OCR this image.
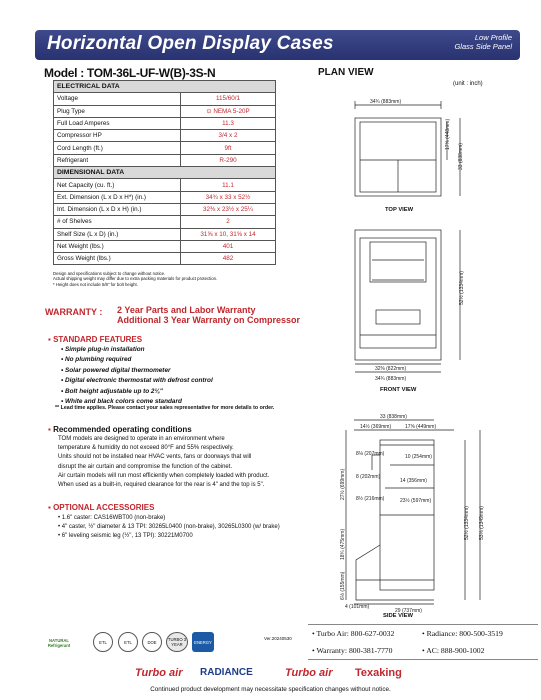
Horizontal Open Display Cases	Low Profile
Glass Side Panel
Model : TOM-36L-UF-W(B)-3S-N	PLAN VIEW
(unit : inch)
ELECTRICAL DATA	
Voltage	115/60/1
Plug Type	⊙ NEMA 5-20P
Full Load Amperes	11.3
Compressor HP	3/4 x 2
Cord Length (ft.)	9ft
Refrigerant	R-290
DIMENSIONAL DATA	
Net Capacity (cu. ft.)	11.1
Ext. Dimension (L x D x H*) (in.)	34¾ x 33 x 52½
Int. Dimension (L x D x H) (in.)	32⅜ x 23½ x 25¼
# of Shelves	2
Shelf Size (L x D) (in.)	31⅝ x 10, 31⅝ x 14
Net Weight (lbs.)	401
Gross Weight (lbs.)	482
Design and specifications subject to change without notice.
Actual shipping weight may differ due to extra packing materials for product protection.
* Height does not include 5/8" for bolt height.
WARRANTY :	2 Year Parts and Labor Warranty
Additional 3 Year Warranty on Compressor
▪ STANDARD FEATURES
• Simple plug-in installation
• No plumbing required
• Solar powered digital thermometer
• Digital electronic thermostat with defrost control
• Bolt height adjustable up to 2⅛"
• White and black colors come standard
** Lead time applies. Please contact your sales representative for more details to order.
▪ Recommended operating conditions
TOM models are designed to operate in an environment where
temperature & humidity do not exceed 80°F and 55% respectively.
Units should not be installed near HVAC vents, fans or doorways that will
disrupt the air curtain and compromise the function of the cabinet.
Air curtain models will run most efficiently when completely loaded with product.
When used as a built-in, required clearance for the rear is 4" and the top is 5".
▪ OPTIONAL ACCESSORIES
• 1.6" caster: CAS16WBT00 (non-brake)
• 4" caster, ½" diameter & 13 TPI: 30265L0400 (non-brake), 30265L0300 (w/ brake)
• 6" leveling seismic leg (½", 13 TPI): 30221M0700
Ver.20240530
NATURAL Refrigerant
ETL	ETL	DOE	TURBO 3 YEAR	ENERGY
• Turbo Air: 800-627-0032	• Radiance: 800-500-3519
• Warranty: 800-381-7770	• AC: 888-900-1002
Turbo air RADIANCE	Turbo air Texaking
Continued product development may necessitate specification changes without notice.
34¾ (883mm)
33 (838mm)
17⅝ (448mm)
52½ (1334mm)
32⅜ (822mm)
34¾ (883mm)
33 (838mm)
14½ (369mm)	17⅝ (449mm)
8⅛ (207mm)	10 (254mm)
8 (202mm)
14 (356mm)
8½ (216mm)	23½ (597mm)
27½ (699mm)
18¾ (475mm)
6⅛ (155mm)
4 (101mm)
52½ (1334mm) 53⅛ (1349mm)
29 (737mm)
TOP VIEW
FRONT VIEW
SIDE VIEW
